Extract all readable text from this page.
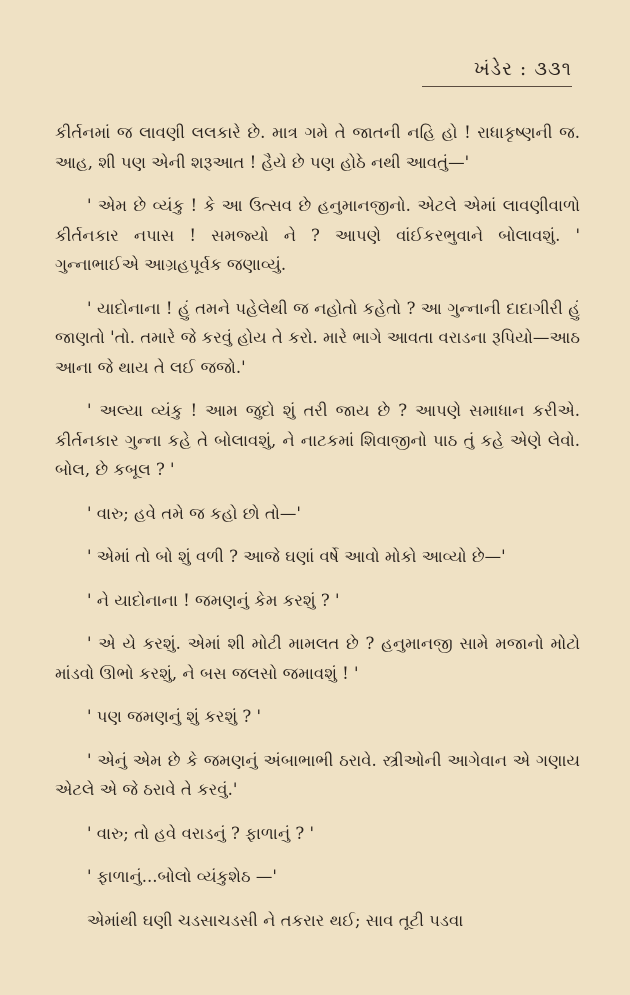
ખંડેર : ૩૩૧

કીર્તનમાં જ લાવણી લલકારે છે. માત્ર ગમે તે જાતની નહિ હો ! રાધાકૃષ્ણની જ. આહ, શી પણ એની શરૂઆત ! હૈયે છે પણ હોઠે નથી આવતું—'

' એમ છે વ્યંકુ ! કે આ ઉત્સવ છે હનુમાનજીનો. એટલે એમાં લાવણીવાળો કીર્તનકાર નપાસ ! સમજ્યો ને ? આપણે વાંઈકરભુવાને બોલાવશું. ' ગુન્નાભાઈએ આગ્રહપૂર્વક જણાવ્યું.

' યાદોનાના ! હું તમને પહેલેથી જ નહોતો કહેતો ? આ ગુન્નાની દાદાગીરી હું જાણતો 'તો. તમારે જે કરવું હોય તે કરો. મારે ભાગે આવતા વરાડના રૂપિયો—આઠ આના જે થાય તે લઈ જજો.'

' અલ્યા વ્યંકુ ! આમ જુદો શું તરી જાય છે ? આપણે સમાધાન કરીએ. કીર્તનકાર ગુન્ના કહે તે બોલાવશું, ને નાટકમાં શિવાજીનો પાઠ તું કહે એણે લેવો. બોલ, છે કબૂલ ? '

' વારુ; હવે તમે જ કહો છો તો—'

' એમાં તો બો શું વળી ? આજે ઘણાં વર્ષે આવો મોકો આવ્યો છે—'

' ને યાદોનાના ! જમણનું કેમ કરશું ? '

' એ યે કરશું. એમાં શી મોટી મામલત છે ? હનુમાનજી સામે મજાનો મોટો માંડવો ઊભો કરશું, ને બસ જલસો જમાવશું ! '

' પણ જમણનું શું કરશું ? '

' એનું એમ છે કે જમણનું અંબાભાભી ઠરાવે. સ્ત્રીઓની આગેવાન એ ગણાય એટલે એ જે ઠરાવે તે કરવું.'

' વારુ; તો હવે વરાડનું ? ફાળાનું ? '

' ફાળાનું...બોલો વ્યંકુશેઠ —'

એમાંથી ઘણી ચડસાચડસી ને તકરાર થઈ; સાવ તૂટી પડવા
